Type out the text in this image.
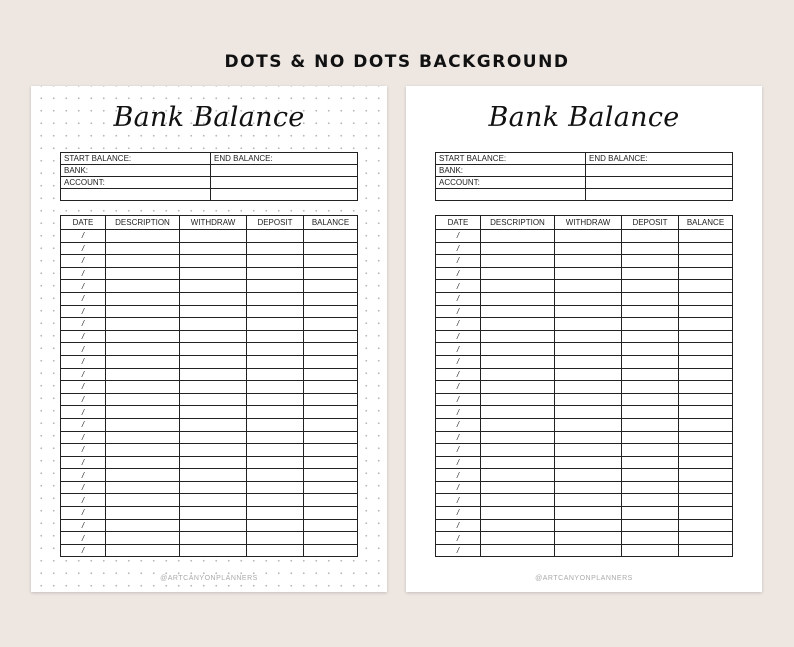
DOTS & NO DOTS BACKGROUND
Bank Balance
START BALANCE:	END BALANCE:
BANK:	
ACCOUNT:	

DATE	DESCRIPTION	WITHDRAW	DEPOSIT	BALANCE
/				
/				
/				
/				
/				
/				
/				
/				
/				
/				
/				
/				
/				
/				
/				
/				
/				
/				
/				
/				
/				
/				
/				
/				
/				
/				
@ARTCANYONPLANNERS
Bank Balance
START BALANCE:	END BALANCE:
BANK:	
ACCOUNT:	

DATE	DESCRIPTION	WITHDRAW	DEPOSIT	BALANCE
/				
/				
/				
/				
/				
/				
/				
/				
/				
/				
/				
/				
/				
/				
/				
/				
/				
/				
/				
/				
/				
/				
/				
/				
/				
/				
@ARTCANYONPLANNERS
